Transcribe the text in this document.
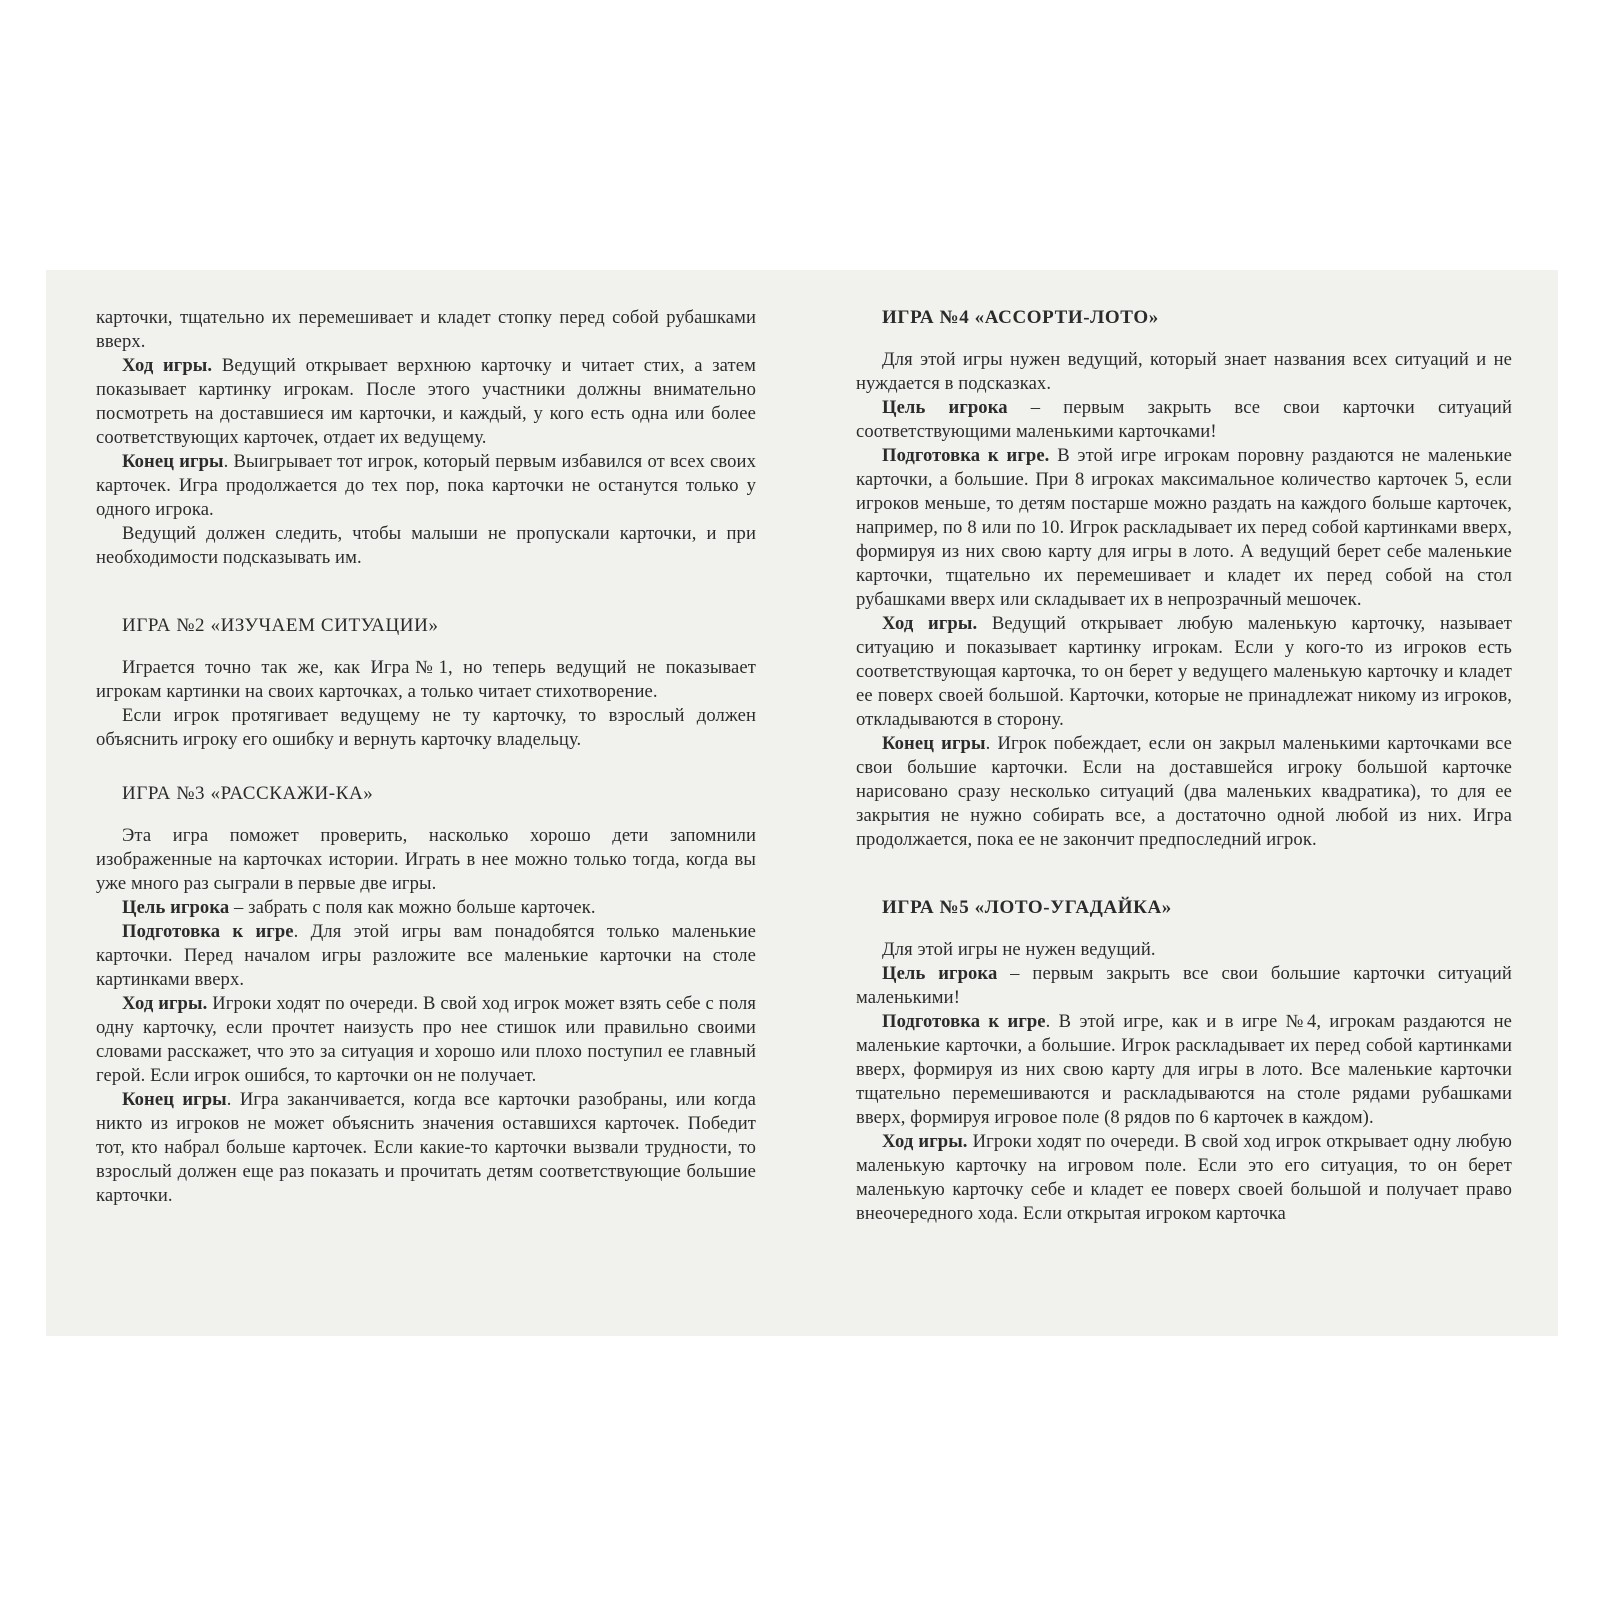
карточки, тщательно их перемешивает и кладет стопку перед собой рубашками вверх.

Ход игры. Ведущий открывает верхнюю карточку и читает стих, а затем показывает картинку игрокам. После этого участники должны внимательно посмотреть на доставшиеся им карточки, и каждый, у кого есть одна или более соответствующих карточек, отдает их ведущему.

Конец игры. Выигрывает тот игрок, который первым избавился от всех своих карточек. Игра продолжается до тех пор, пока карточки не останутся только у одного игрока.

Ведущий должен следить, чтобы малыши не пропускали карточки, и при необходимости подсказывать им.

ИГРА №2 «ИЗУЧАЕМ СИТУАЦИИ»

Играется точно так же, как Игра№1, но теперь ведущий не показывает игрокам картинки на своих карточках, а только читает стихотворение.

Если игрок протягивает ведущему не ту карточку, то взрослый должен объяснить игроку его ошибку и вернуть карточку владельцу.

ИГРА №3 «РАССКАЖИ-КА»

Эта игра поможет проверить, насколько хорошо дети запомнили изображенные на карточках истории. Играть в нее можно только тогда, когда вы уже много раз сыграли в первые две игры.

Цель игрока – забрать с поля как можно больше карточек.

Подготовка к игре. Для этой игры вам понадобятся только маленькие карточки. Перед началом игры разложите все маленькие карточки на столе картинками вверх.

Ход игры. Игроки ходят по очереди. В свой ход игрок может взять себе с поля одну карточку, если прочтет наизусть про нее стишок или правильно своими словами расскажет, что это за ситуация и хорошо или плохо поступил ее главный герой. Если игрок ошибся, то карточки он не получает.

Конец игры. Игра заканчивается, когда все карточки разобраны, или когда никто из игроков не может объяснить значения оставшихся карточек. Победит тот, кто набрал больше карточек. Если какие-то карточки вызвали трудности, то взрослый должен еще раз показать и прочитать детям соответствующие большие карточки.

ИГРА №4 «АССОРТИ-ЛОТО»

Для этой игры нужен ведущий, который знает названия всех ситуаций и не нуждается в подсказках.

Цель игрока – первым закрыть все свои карточки ситуаций соответствующими маленькими карточками!

Подготовка к игре. В этой игре игрокам поровну раздаются не маленькие карточки, а большие. При 8 игроках максимальное количество карточек 5, если игроков меньше, то детям постарше можно раздать на каждого больше карточек, например, по 8 или по 10. Игрок раскладывает их перед собой картинками вверх, формируя из них свою карту для игры в лото. А ведущий берет себе маленькие карточки, тщательно их перемешивает и кладет их перед собой на стол рубашками вверх или складывает их в непрозрачный мешочек.

Ход игры. Ведущий открывает любую маленькую карточку, называет ситуацию и показывает картинку игрокам. Если у кого-то из игроков есть соответствующая карточка, то он берет у ведущего маленькую карточку и кладет ее поверх своей большой. Карточки, которые не принадлежат никому из игроков, откладываются в сторону.

Конец игры. Игрок побеждает, если он закрыл маленькими карточками все свои большие карточки. Если на доставшейся игроку большой карточке нарисовано сразу несколько ситуаций (два маленьких квадратика), то для ее закрытия не нужно собирать все, а достаточно одной любой из них. Игра продолжается, пока ее не закончит предпоследний игрок.

ИГРА №5 «ЛОТО-УГАДАЙКА»

Для этой игры не нужен ведущий.

Цель игрока – первым закрыть все свои большие карточки ситуаций маленькими!

Подготовка к игре. В этой игре, как и в игре №4, игрокам раздаются не маленькие карточки, а большие. Игрок раскладывает их перед собой картинками вверх, формируя из них свою карту для игры в лото. Все маленькие карточки тщательно перемешиваются и раскладываются на столе рядами рубашками вверх, формируя игровое поле (8 рядов по 6 карточек в каждом).

Ход игры. Игроки ходят по очереди. В свой ход игрок открывает одну любую маленькую карточку на игровом поле. Если это его ситуация, то он берет маленькую карточку себе и кладет ее поверх своей большой и получает право внеочередного хода. Если открытая игроком карточка
